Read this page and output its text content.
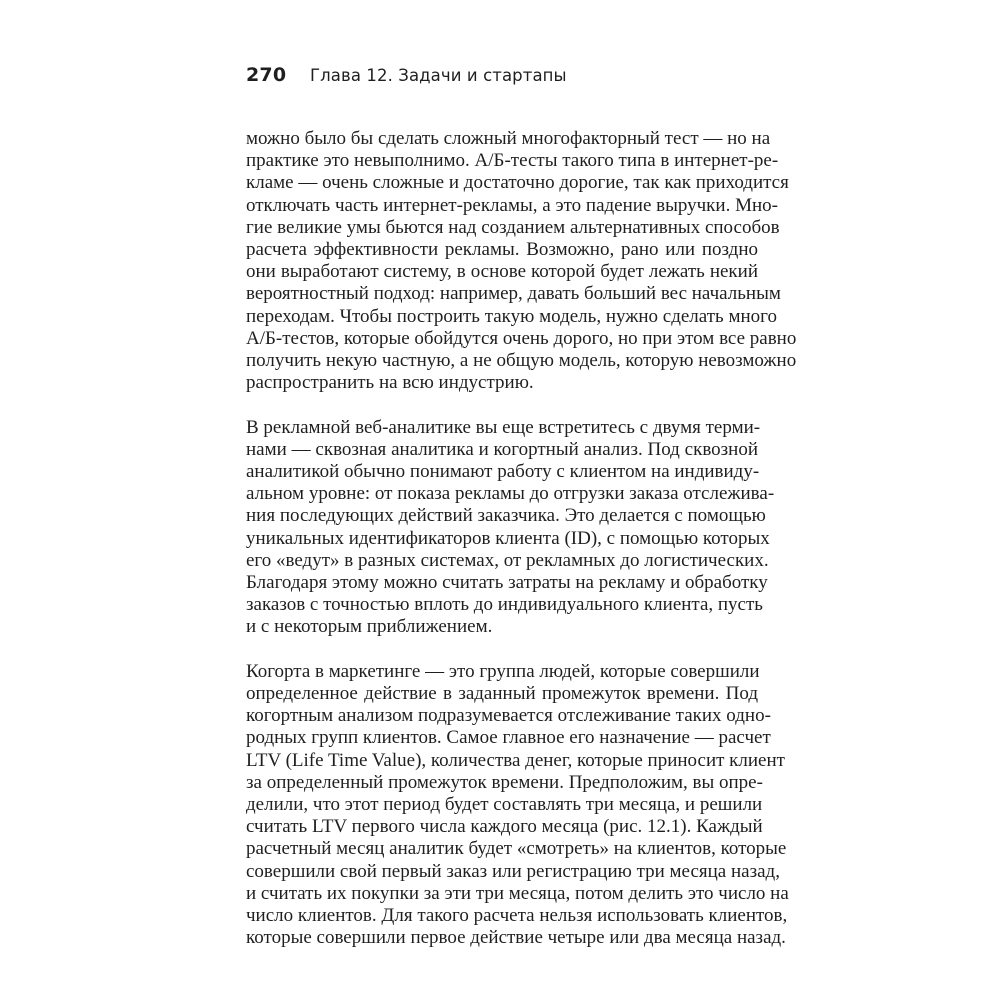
270	Глава 12. Задачи и стартапы

можно было бы сделать сложный многофакторный тест — но на
практике это невыполнимо. А/Б-тесты такого типа в интернет-ре-
кламе — очень сложные и достаточно дорогие, так как приходится
отключать часть интернет-рекламы, а это падение выручки. Мно-
гие великие умы бьются над созданием альтернативных способов
расчета эффективности рекламы. Возможно, рано или поздно
они выработают систему, в основе которой будет лежать некий
вероятностный подход: например, давать больший вес начальным
переходам. Чтобы построить такую модель, нужно сделать много
А/Б-тестов, которые обойдутся очень дорого, но при этом все равно
получить некую частную, а не общую модель, которую невозможно
распространить на всю индустрию.

В рекламной веб-аналитике вы еще встретитесь с двумя терми-
нами — сквозная аналитика и когортный анализ. Под сквозной
аналитикой обычно понимают работу с клиентом на индивиду-
альном уровне: от показа рекламы до отгрузки заказа отслежива-
ния последующих действий заказчика. Это делается с помощью
уникальных идентификаторов клиента (ID), с помощью которых
его «ведут» в разных системах, от рекламных до логистических.
Благодаря этому можно считать затраты на рекламу и обработку
заказов с точностью вплоть до индивидуального клиента, пусть
и с некоторым приближением.

Когорта в маркетинге — это группа людей, которые совершили
определенное действие в заданный промежуток времени. Под
когортным анализом подразумевается отслеживание таких одно-
родных групп клиентов. Самое главное его назначение — расчет
LTV (Life Time Value), количества денег, которые приносит клиент
за определенный промежуток времени. Предположим, вы опре-
делили, что этот период будет составлять три месяца, и решили
считать LTV первого числа каждого месяца (рис. 12.1). Каждый
расчетный месяц аналитик будет «смотреть» на клиентов, которые
совершили свой первый заказ или регистрацию три месяца назад,
и считать их покупки за эти три месяца, потом делить это число на
число клиентов. Для такого расчета нельзя использовать клиентов,
которые совершили первое действие четыре или два месяца назад.
